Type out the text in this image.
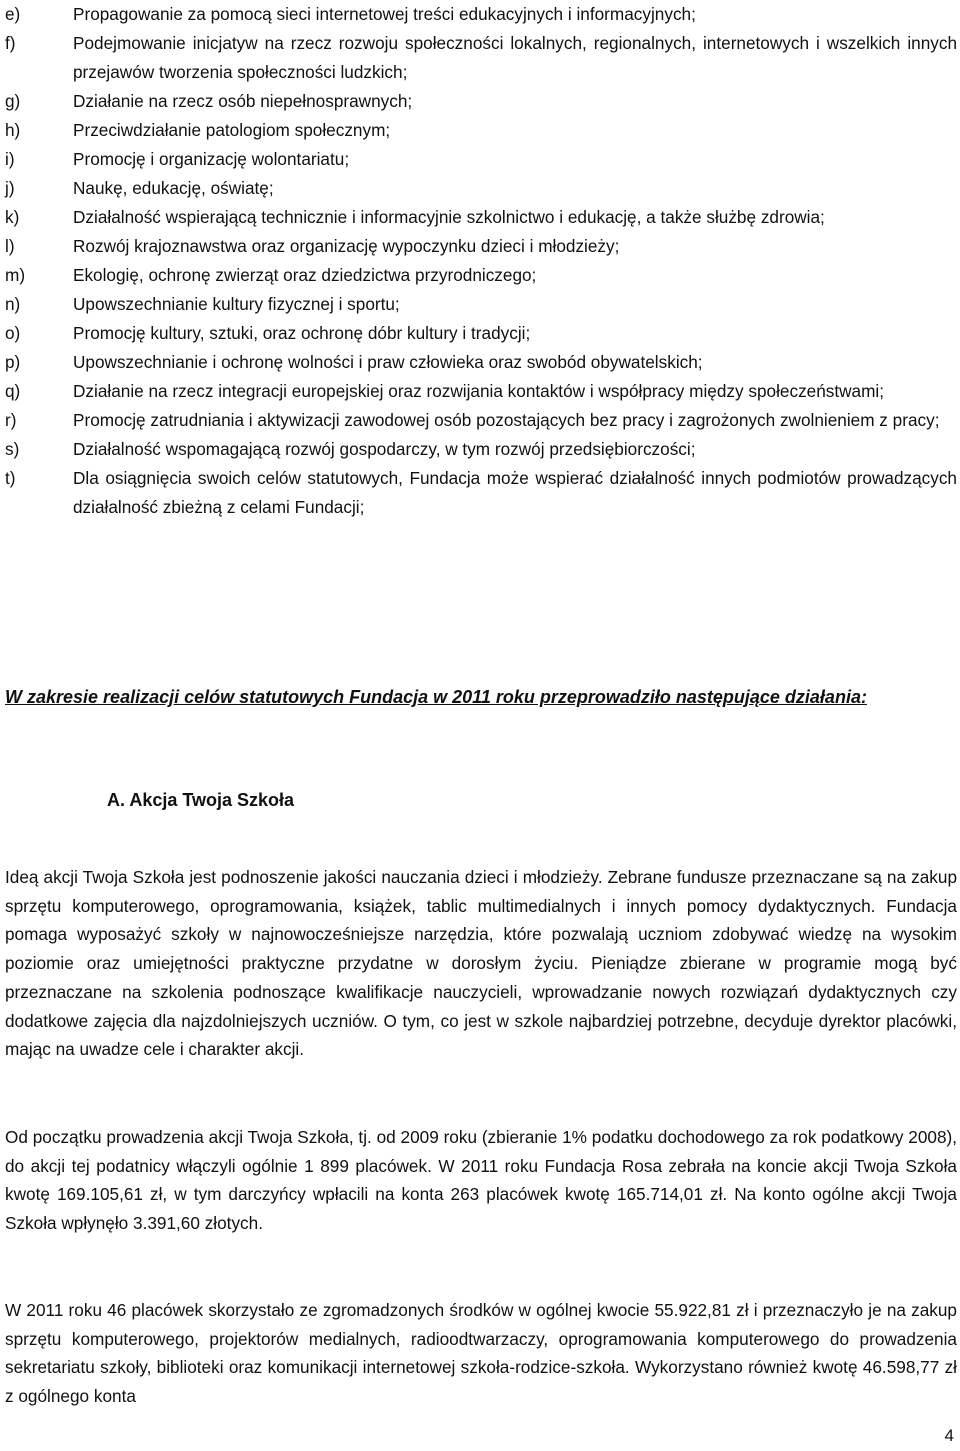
e)	Propagowanie za pomocą sieci internetowej treści edukacyjnych i informacyjnych;

f)	Podejmowanie inicjatyw na rzecz rozwoju społeczności lokalnych, regionalnych, internetowych i wszelkich innych przejawów tworzenia społeczności ludzkich;

g)	Działanie na rzecz osób niepełnosprawnych;

h)	Przeciwdziałanie patologiom społecznym;

i)	Promocję i organizację wolontariatu;

j)	Naukę, edukację, oświatę;

k)	Działalność wspierającą technicznie i informacyjnie szkolnictwo i edukację, a także służbę zdrowia;

l)	Rozwój krajoznawstwa oraz organizację wypoczynku dzieci i młodzieży;

m)	Ekologię, ochronę zwierząt oraz dziedzictwa przyrodniczego;

n)	Upowszechnianie kultury fizycznej i sportu;

o)	Promocję kultury, sztuki, oraz ochronę dóbr kultury i tradycji;

p)	Upowszechnianie i ochronę wolności i praw człowieka oraz swobód obywatelskich;

q)	Działanie na rzecz integracji europejskiej oraz rozwijania kontaktów i współpracy między społeczeństwami;

r)	Promocję zatrudniania i aktywizacji zawodowej osób pozostających bez pracy i zagrożonych zwolnieniem z pracy;

s)	Działalność wspomagającą rozwój gospodarczy, w tym rozwój przedsiębiorczości;

t)	Dla osiągnięcia swoich celów statutowych, Fundacja może wspierać działalność innych podmiotów prowadzących działalność zbieżną z celami Fundacji;

W zakresie realizacji celów statutowych Fundacja w 2011 roku przeprowadziło następujące działania:

A. Akcja Twoja Szkoła

Ideą akcji Twoja Szkoła jest podnoszenie jakości nauczania dzieci i młodzieży. Zebrane fundusze przeznaczane są na zakup sprzętu komputerowego, oprogramowania, książek, tablic multimedialnych i innych pomocy dydaktycznych. Fundacja pomaga wyposażyć szkoły w najnowocześniejsze narzędzia, które pozwalają uczniom zdobywać wiedzę na wysokim poziomie oraz umiejętności praktyczne przydatne w dorosłym życiu. Pieniądze zbierane w programie mogą być przeznaczane na szkolenia podnoszące kwalifikacje nauczycieli, wprowadzanie nowych rozwiązań dydaktycznych czy dodatkowe zajęcia dla najzdolniejszych uczniów. O tym, co jest w szkole najbardziej potrzebne, decyduje dyrektor placówki, mając na uwadze cele i charakter akcji.

Od początku prowadzenia akcji Twoja Szkoła, tj. od 2009 roku (zbieranie 1% podatku dochodowego za rok podatkowy 2008), do akcji tej podatnicy włączyli ogólnie 1 899 placówek. W 2011 roku Fundacja Rosa zebrała na koncie akcji Twoja Szkoła kwotę 169.105,61 zł, w tym darczyńcy wpłacili na konta 263 placówek kwotę 165.714,01 zł. Na konto ogólne akcji Twoja Szkoła wpłynęło 3.391,60 złotych.

W 2011 roku 46 placówek skorzystało ze zgromadzonych środków w ogólnej kwocie 55.922,81 zł i przeznaczyło je na zakup sprzętu komputerowego, projektorów medialnych, radioodtwarzaczy, oprogramowania komputerowego do prowadzenia sekretariatu szkoły, biblioteki oraz komunikacji internetowej szkoła-rodzice-szkoła. Wykorzystano również kwotę 46.598,77 zł z ogólnego konta

4
